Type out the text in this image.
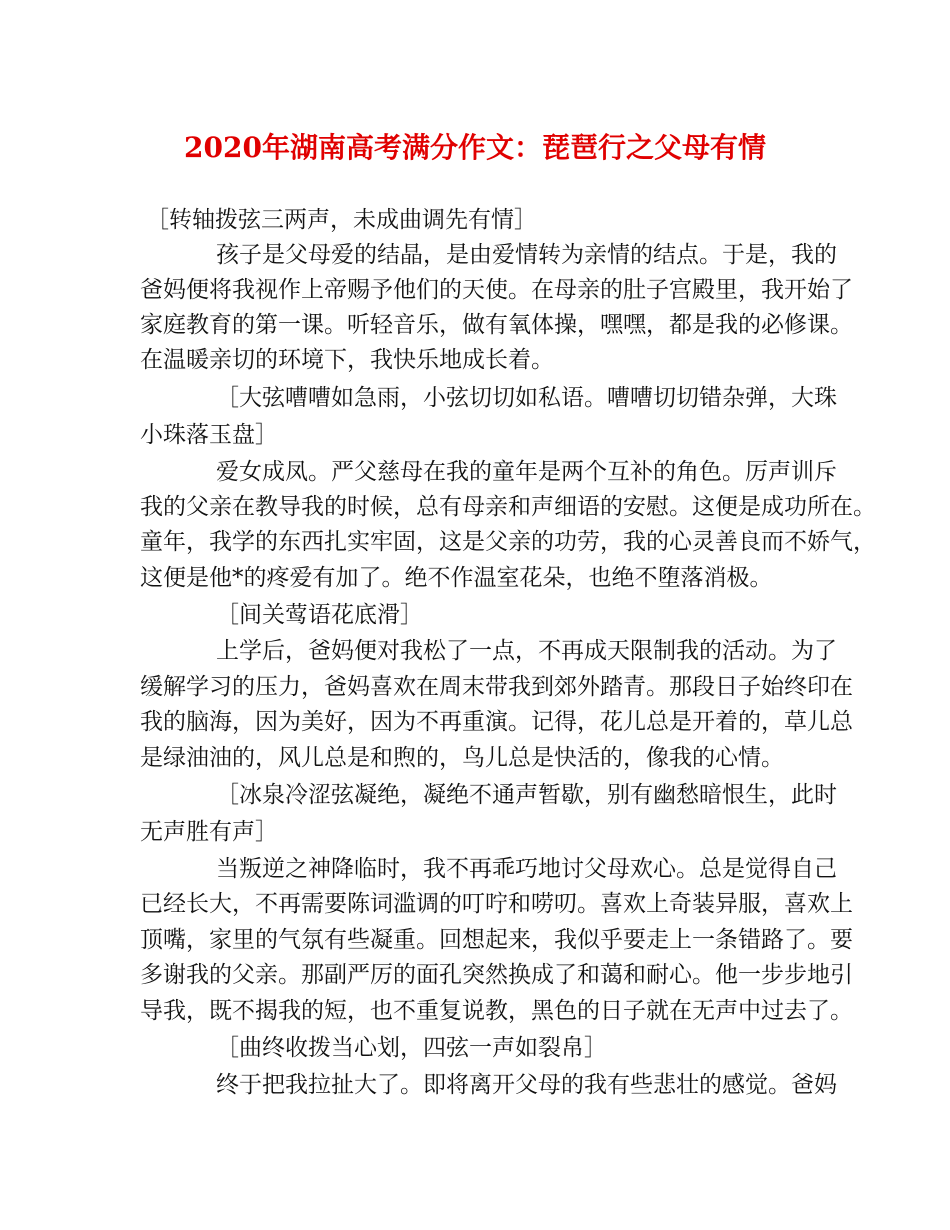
2020年湖南高考满分作文：琵琶行之父母有情
［转轴拨弦三两声，未成曲调先有情］
孩子是父母爱的结晶，是由爱情转为亲情的结点。于是，我的
爸妈便将我视作上帝赐予他们的天使。在母亲的肚子宫殿里，我开始了
家庭教育的第一课。听轻音乐，做有氧体操，嘿嘿，都是我的必修课。
在温暖亲切的环境下，我快乐地成长着。
［大弦嘈嘈如急雨，小弦切切如私语。嘈嘈切切错杂弹，大珠
小珠落玉盘］
爱女成凤。严父慈母在我的童年是两个互补的角色。厉声训斥
我的父亲在教导我的时候，总有母亲和声细语的安慰。这便是成功所在。
童年，我学的东西扎实牢固，这是父亲的功劳，我的心灵善良而不娇气，
这便是他*的疼爱有加了。绝不作温室花朵，也绝不堕落消极。
［间关莺语花底滑］
上学后，爸妈便对我松了一点，不再成天限制我的活动。为了
缓解学习的压力，爸妈喜欢在周末带我到郊外踏青。那段日子始终印在
我的脑海，因为美好，因为不再重演。记得，花儿总是开着的，草儿总
是绿油油的，风儿总是和煦的，鸟儿总是快活的，像我的心情。
［冰泉冷涩弦凝绝，凝绝不通声暂歇，别有幽愁暗恨生，此时
无声胜有声］
当叛逆之神降临时，我不再乖巧地讨父母欢心。总是觉得自己
已经长大，不再需要陈词滥调的叮咛和唠叨。喜欢上奇装异服，喜欢上
顶嘴，家里的气氛有些凝重。回想起来，我似乎要走上一条错路了。要
多谢我的父亲。那副严厉的面孔突然换成了和蔼和耐心。他一步步地引
导我，既不揭我的短，也不重复说教，黑色的日子就在无声中过去了。
［曲终收拨当心划，四弦一声如裂帛］
终于把我拉扯大了。即将离开父母的我有些悲壮的感觉。爸妈
